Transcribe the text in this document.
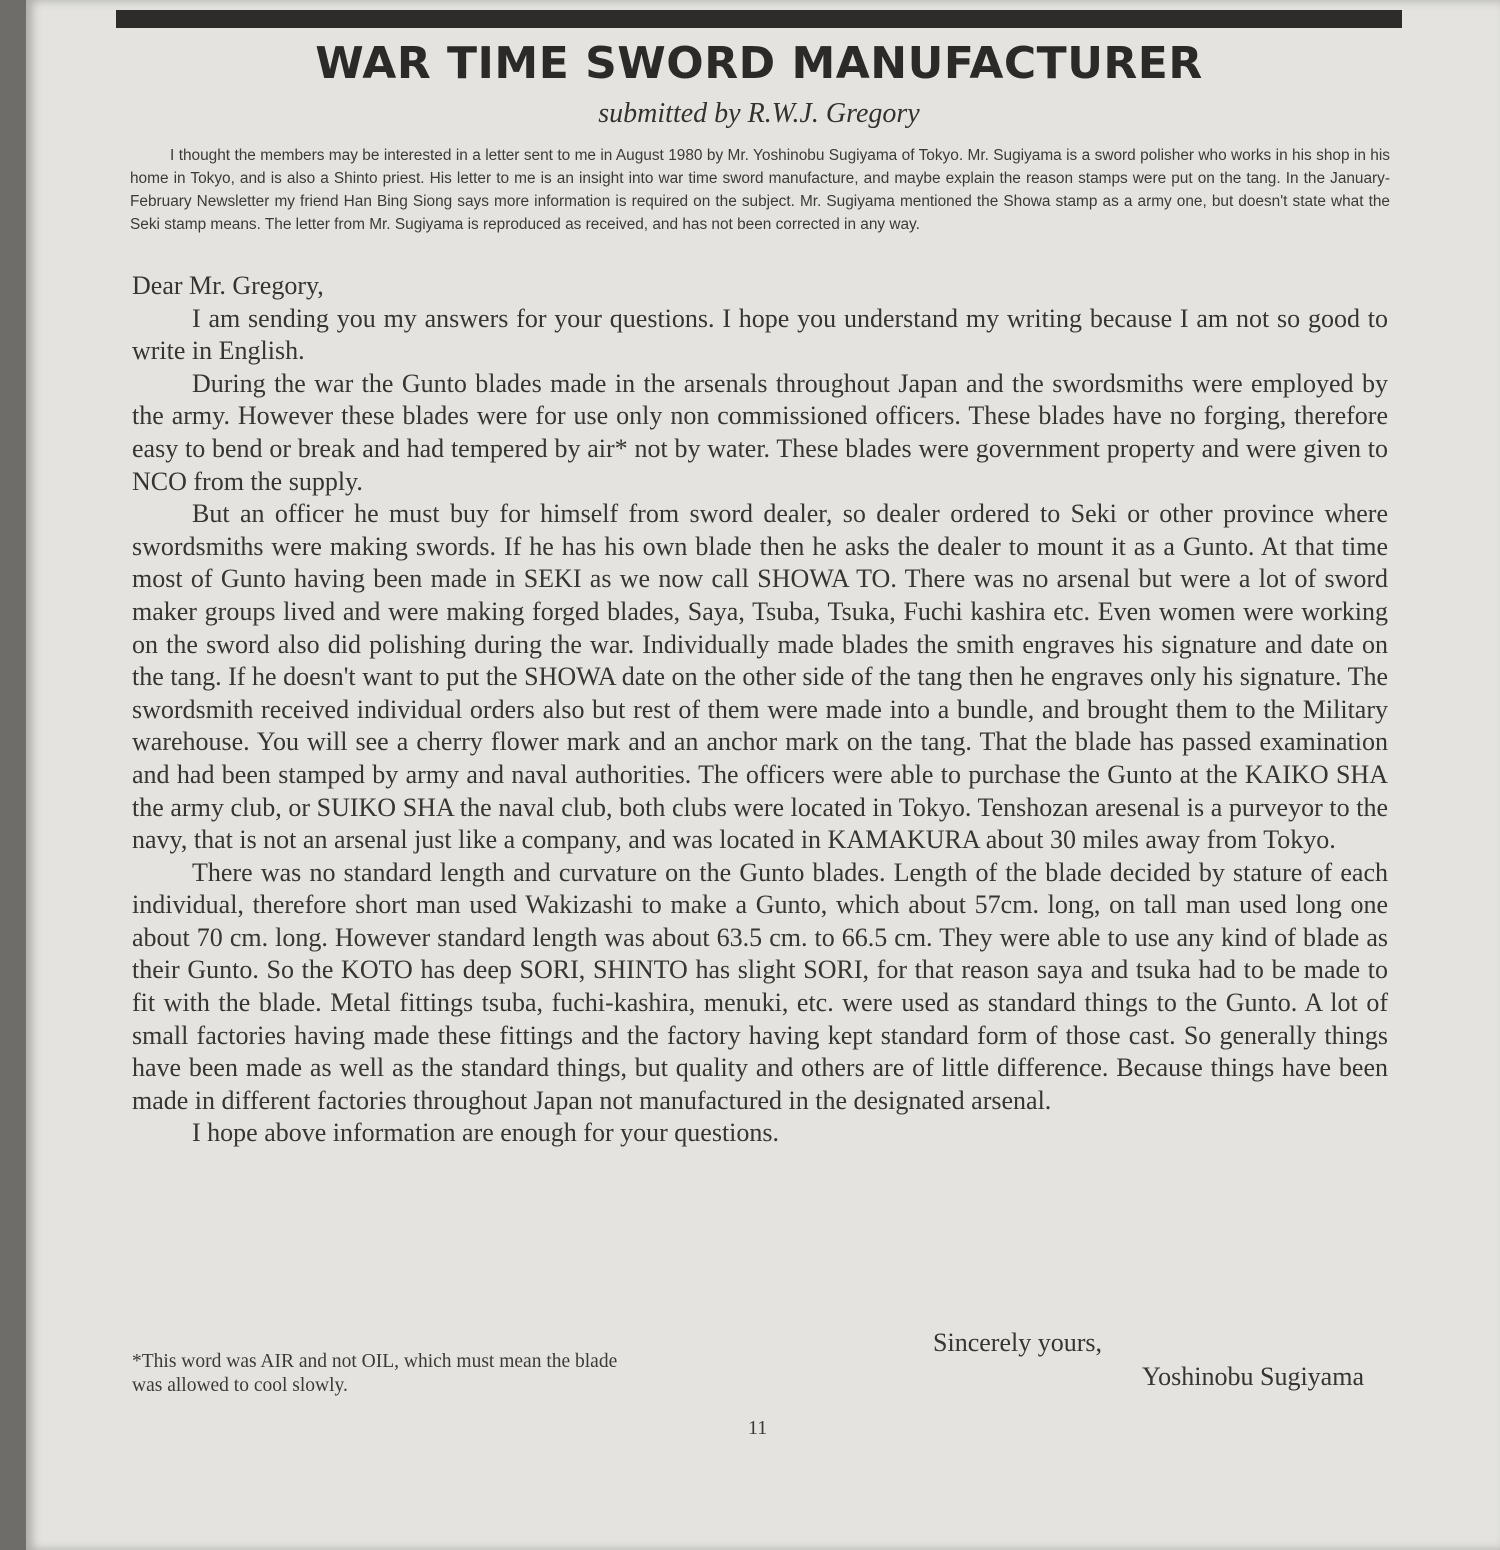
WAR TIME SWORD MANUFACTURER

submitted by R.W.J. Gregory

I thought the members may be interested in a letter sent to me in August 1980 by Mr. Yoshinobu Sugiyama of Tokyo. Mr. Sugiyama is a sword polisher who works in his shop in his home in Tokyo, and is also a Shinto priest. His letter to me is an insight into war time sword manufacture, and maybe explain the reason stamps were put on the tang. In the January-February Newsletter my friend Han Bing Siong says more information is required on the subject. Mr. Sugiyama mentioned the Showa stamp as a army one, but doesn't state what the Seki stamp means. The letter from Mr. Sugiyama is reproduced as received, and has not been corrected in any way.

Dear Mr. Gregory,

I am sending you my answers for your questions. I hope you understand my writing because I am not so good to write in English.

During the war the Gunto blades made in the arsenals throughout Japan and the swordsmiths were employed by the army. However these blades were for use only non commissioned officers. These blades have no forging, therefore easy to bend or break and had tempered by air* not by water. These blades were government property and were given to NCO from the supply.

But an officer he must buy for himself from sword dealer, so dealer ordered to Seki or other province where swordsmiths were making swords. If he has his own blade then he asks the dealer to mount it as a Gunto. At that time most of Gunto having been made in SEKI as we now call SHOWA TO. There was no arsenal but were a lot of sword maker groups lived and were making forged blades, Saya, Tsuba, Tsuka, Fuchi kashira etc. Even women were working on the sword also did polishing during the war. Individually made blades the smith engraves his signature and date on the tang. If he doesn't want to put the SHOWA date on the other side of the tang then he engraves only his signature. The swordsmith received individual orders also but rest of them were made into a bundle, and brought them to the Military warehouse. You will see a cherry flower mark and an anchor mark on the tang. That the blade has passed examination and had been stamped by army and naval authorities. The officers were able to purchase the Gunto at the KAIKO SHA the army club, or SUIKO SHA the naval club, both clubs were located in Tokyo. Tenshozan aresenal is a purveyor to the navy, that is not an arsenal just like a company, and was located in KAMAKURA about 30 miles away from Tokyo.

There was no standard length and curvature on the Gunto blades. Length of the blade decided by stature of each individual, therefore short man used Wakizashi to make a Gunto, which about 57cm. long, on tall man used long one about 70 cm. long. However standard length was about 63.5 cm. to 66.5 cm. They were able to use any kind of blade as their Gunto. So the KOTO has deep SORI, SHINTO has slight SORI, for that reason saya and tsuka had to be made to fit with the blade. Metal fittings tsuba, fuchi-kashira, menuki, etc. were used as standard things to the Gunto. A lot of small factories having made these fittings and the factory having kept standard form of those cast. So generally things have been made as well as the standard things, but quality and others are of little difference. Because things have been made in different factories throughout Japan not manufactured in the designated arsenal.

I hope above information are enough for your questions.

Sincerely yours,
Yoshinobu Sugiyama

*This word was AIR and not OIL, which must mean the blade was allowed to cool slowly.

11
